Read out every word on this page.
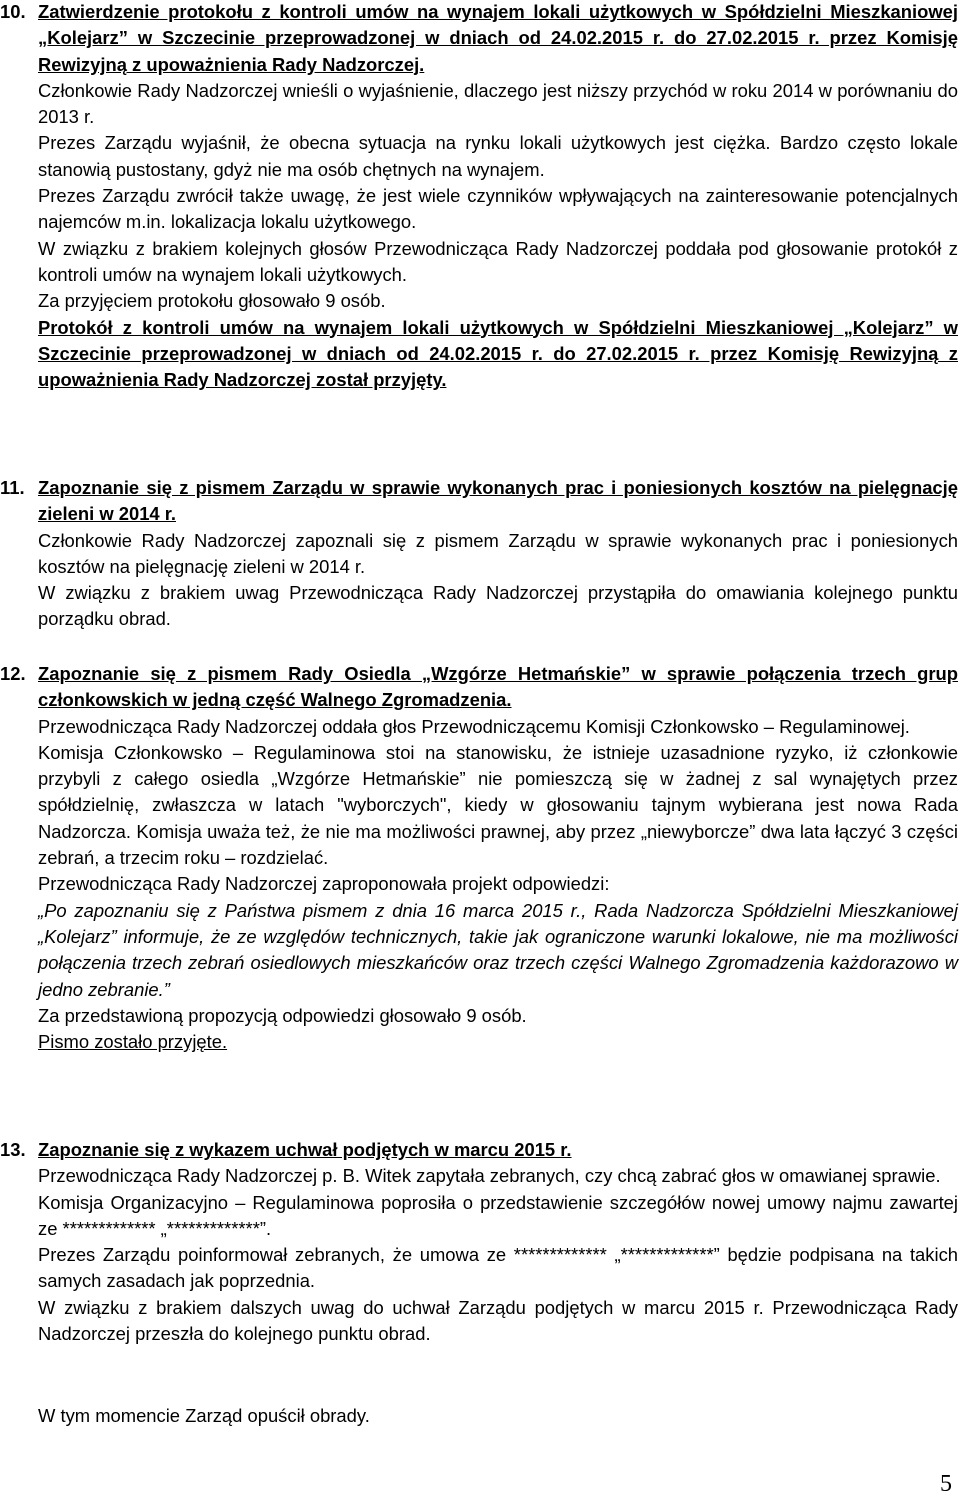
10. Zatwierdzenie protokołu z kontroli umów na wynajem lokali użytkowych w Spółdzielni Mieszkaniowej „Kolejarz” w Szczecinie przeprowadzonej w dniach od 24.02.2015 r. do 27.02.2015 r. przez Komisję Rewizyjną z upoważnienia Rady Nadzorczej.

Członkowie Rady Nadzorczej wnieśli o wyjaśnienie, dlaczego jest niższy przychód w roku 2014 w porównaniu do 2013 r.

Prezes Zarządu wyjaśnił, że obecna sytuacja na rynku lokali użytkowych jest ciężka. Bardzo często lokale stanowią pustostany, gdyż nie ma osób chętnych na wynajem.

Prezes Zarządu zwrócił także uwagę, że jest wiele czynników wpływających na zainteresowanie potencjalnych najemców m.in. lokalizacja lokalu użytkowego.

W związku z brakiem kolejnych głosów Przewodnicząca Rady Nadzorczej poddała pod głosowanie protokół z kontroli umów na wynajem lokali użytkowych.

Za przyjęciem protokołu głosowało 9 osób.

Protokół z kontroli umów na wynajem lokali użytkowych w Spółdzielni Mieszkaniowej „Kolejarz” w Szczecinie przeprowadzonej w dniach od 24.02.2015 r. do 27.02.2015 r. przez Komisję Rewizyjną z upoważnienia Rady Nadzorczej został przyjęty.

11. Zapoznanie się z pismem Zarządu w sprawie wykonanych prac i poniesionych kosztów na pielęgnację zieleni w 2014 r.

Członkowie Rady Nadzorczej zapoznali się z pismem Zarządu w sprawie wykonanych prac i poniesionych kosztów na pielęgnację zieleni w 2014 r.

W związku z brakiem uwag Przewodnicząca Rady Nadzorczej przystąpiła do omawiania kolejnego punktu porządku obrad.

12. Zapoznanie się z pismem Rady Osiedla „Wzgórze Hetmańskie” w sprawie połączenia trzech grup członkowskich w jedną część Walnego Zgromadzenia.

Przewodnicząca Rady Nadzorczej oddała głos Przewodniczącemu Komisji Członkowsko – Regulaminowej.

Komisja Członkowsko – Regulaminowa stoi na stanowisku, że istnieje uzasadnione ryzyko, iż członkowie przybyli z całego osiedla „Wzgórze Hetmańskie” nie pomieszczą się w żadnej z sal wynajętych przez spółdzielnię, zwłaszcza w latach "wyborczych", kiedy w głosowaniu tajnym wybierana jest nowa Rada Nadzorcza. Komisja uważa też, że nie ma możliwości prawnej, aby przez „niewyborcze” dwa lata łączyć 3 części zebrań, a trzecim roku – rozdzielać.

Przewodnicząca Rady Nadzorczej zaproponowała projekt odpowiedzi:

„Po zapoznaniu się z Państwa pismem z dnia 16 marca 2015 r., Rada Nadzorcza Spółdzielni Mieszkaniowej „Kolejarz” informuje, że ze względów technicznych, takie jak ograniczone warunki lokalowe, nie ma możliwości połączenia trzech zebrań osiedlowych mieszkańców oraz trzech części Walnego Zgromadzenia każdorazowo w jedno zebranie.”

Za przedstawioną propozycją odpowiedzi głosowało 9 osób.

Pismo zostało przyjęte.

13. Zapoznanie się z wykazem uchwał podjętych w marcu 2015 r.

Przewodnicząca Rady Nadzorczej p. B. Witek zapytała zebranych, czy chcą zabrać głos w omawianej sprawie.

Komisja Organizacyjno – Regulaminowa poprosiła o przedstawienie szczegółów nowej umowy najmu zawartej ze ************* „*************”.

Prezes Zarządu poinformował zebranych, że umowa ze ************* „*************” będzie podpisana na takich samych zasadach jak poprzednia.

W związku z brakiem dalszych uwag do uchwał Zarządu podjętych w marcu 2015 r. Przewodnicząca Rady Nadzorczej przeszła do kolejnego punktu obrad.

W tym momencie Zarząd opuścił obrady.

5
